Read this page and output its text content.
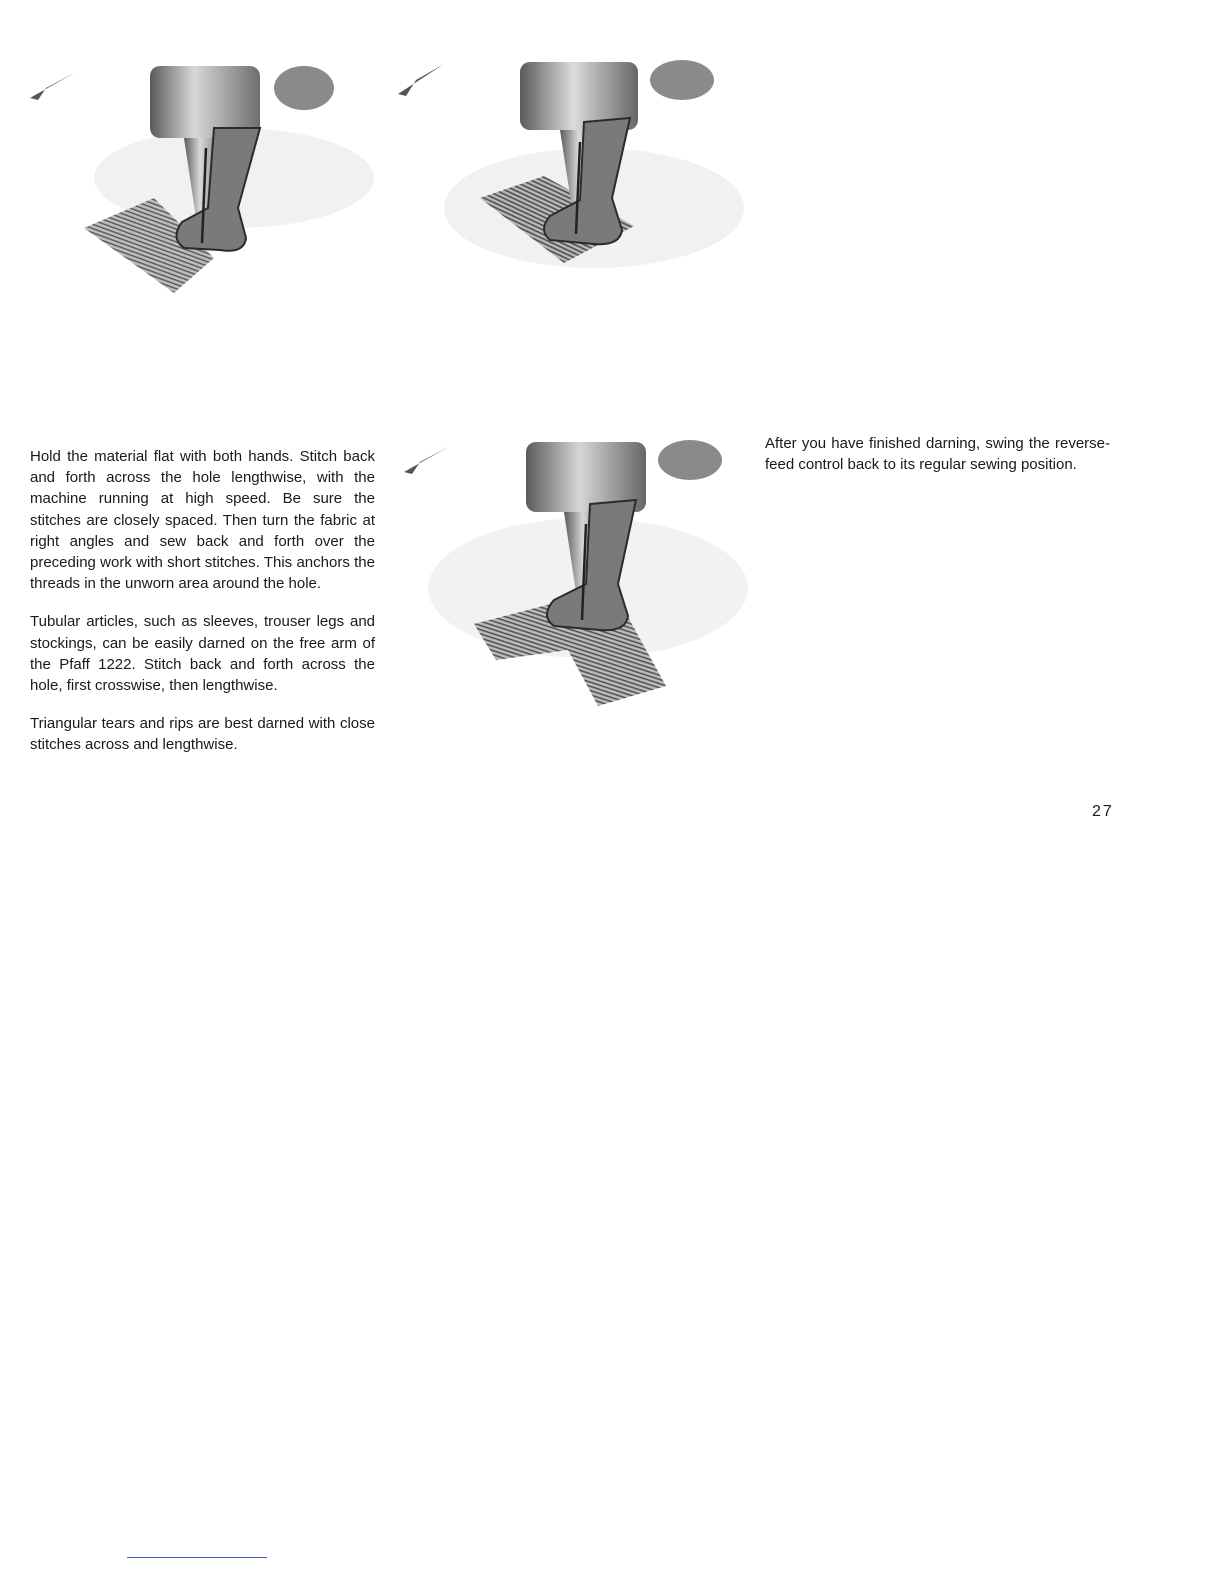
Hold the material flat with both hands. Stitch back and forth across the hole lengthwise, with the machine running at high speed. Be sure the stitches are closely spaced. Then turn the fabric at right angles and sew back and forth over the preceding work with short stitches. This anchors the threads in the unworn area around the hole.

Tubular articles, such as sleeves, trouser legs and stockings, can be easily darned on the free arm of the Pfaff 1222. Stitch back and forth across the hole, first crosswise, then lengthwise.

Triangular tears and rips are best darned with close stitches across and lengthwise.

After you have finished darning, swing the reverse-feed control back to its regular sewing position.

27
